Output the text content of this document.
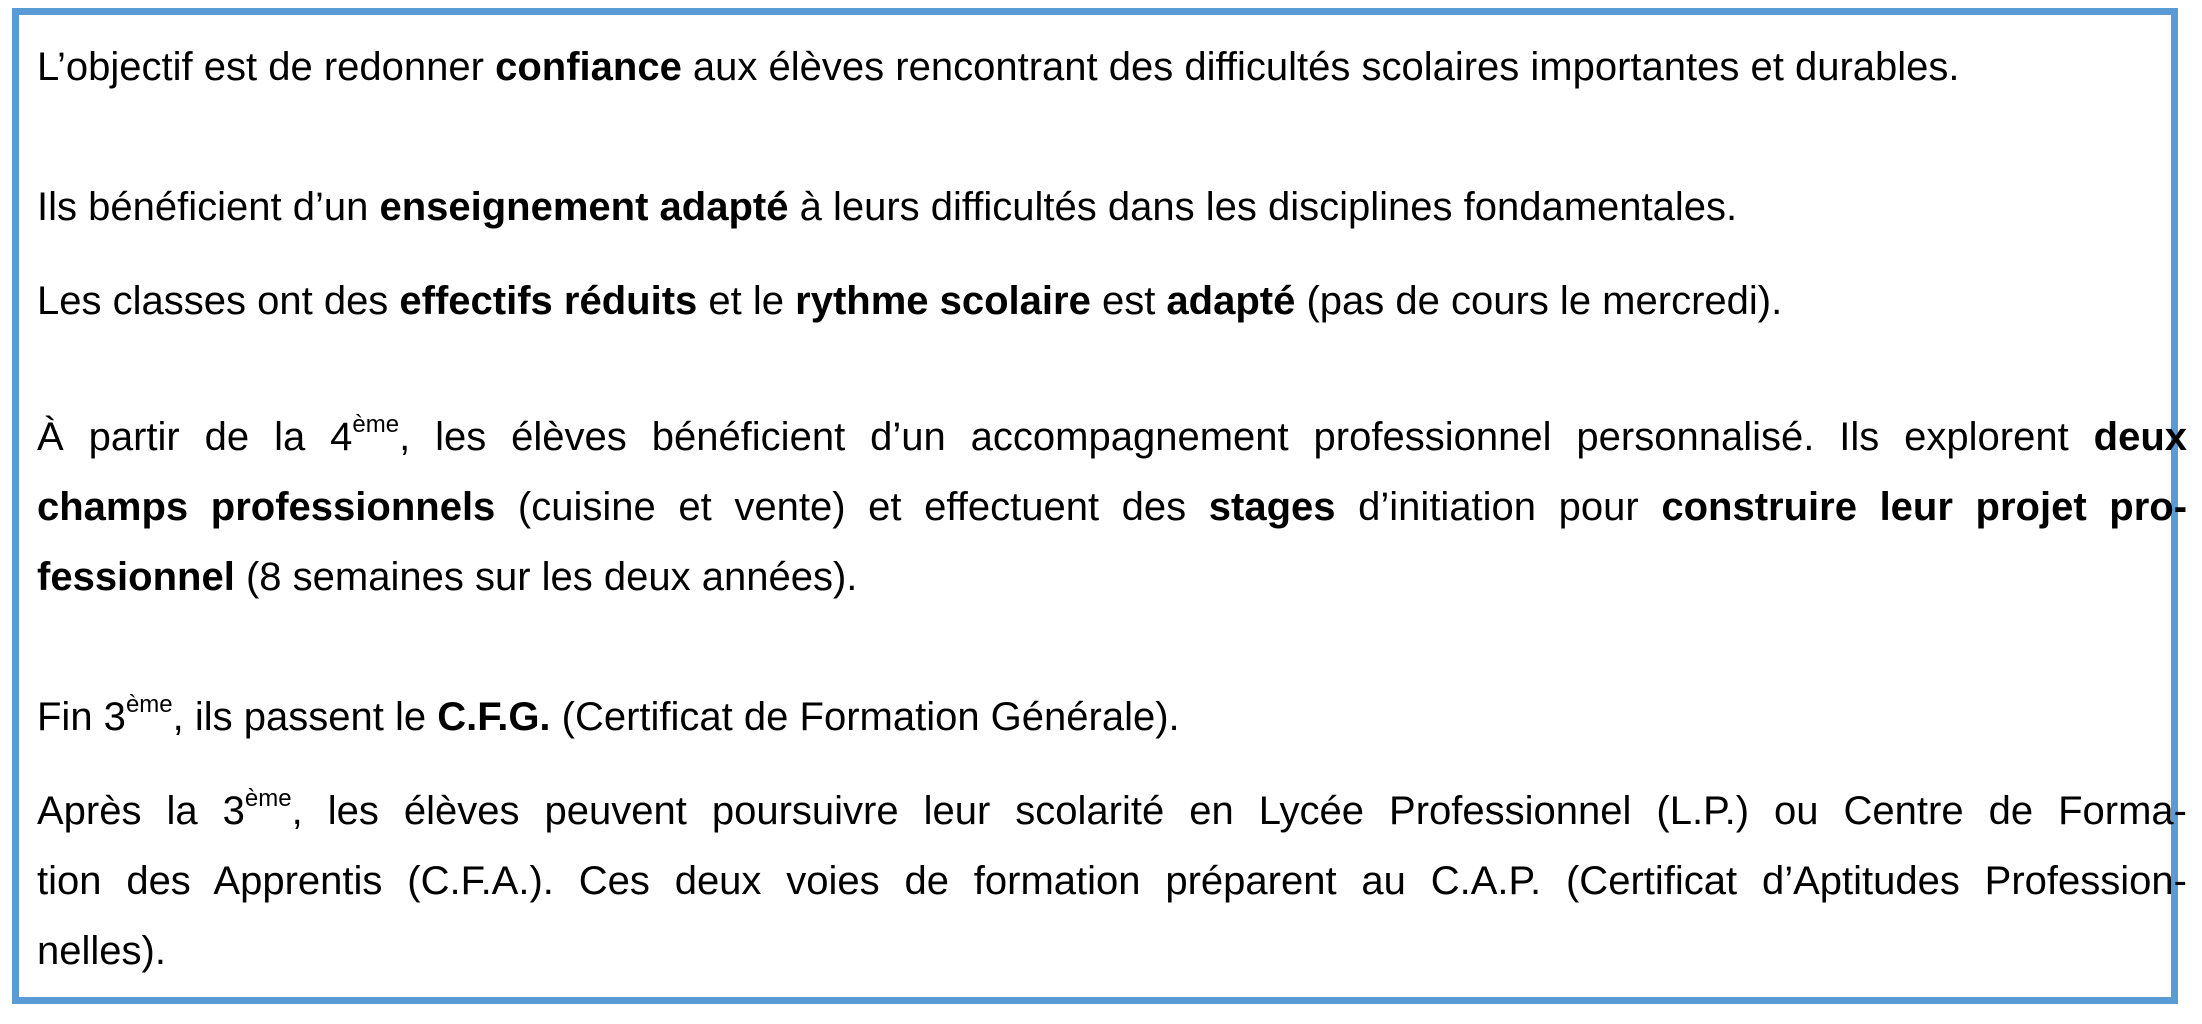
L’objectif est de redonner confiance aux élèves rencontrant des difficultés scolaires importantes et durables.
Ils bénéficient d’un enseignement adapté à leurs difficultés dans les disciplines fondamentales.
Les classes ont des effectifs réduits et le rythme scolaire est adapté (pas de cours le mercredi).
À partir de la 4ème, les élèves bénéficient d’un accompagnement professionnel personnalisé. Ils explorent deux
champs professionnels (cuisine et vente) et effectuent des stages d’initiation pour construire leur projet pro-
fessionnel (8 semaines sur les deux années).
Fin 3ème, ils passent le C.F.G. (Certificat de Formation Générale).
Après la 3ème, les élèves peuvent poursuivre leur scolarité en Lycée Professionnel (L.P.) ou Centre de Forma-
tion des Apprentis (C.F.A.). Ces deux voies de formation préparent au C.A.P. (Certificat d’Aptitudes Profession-
nelles).
